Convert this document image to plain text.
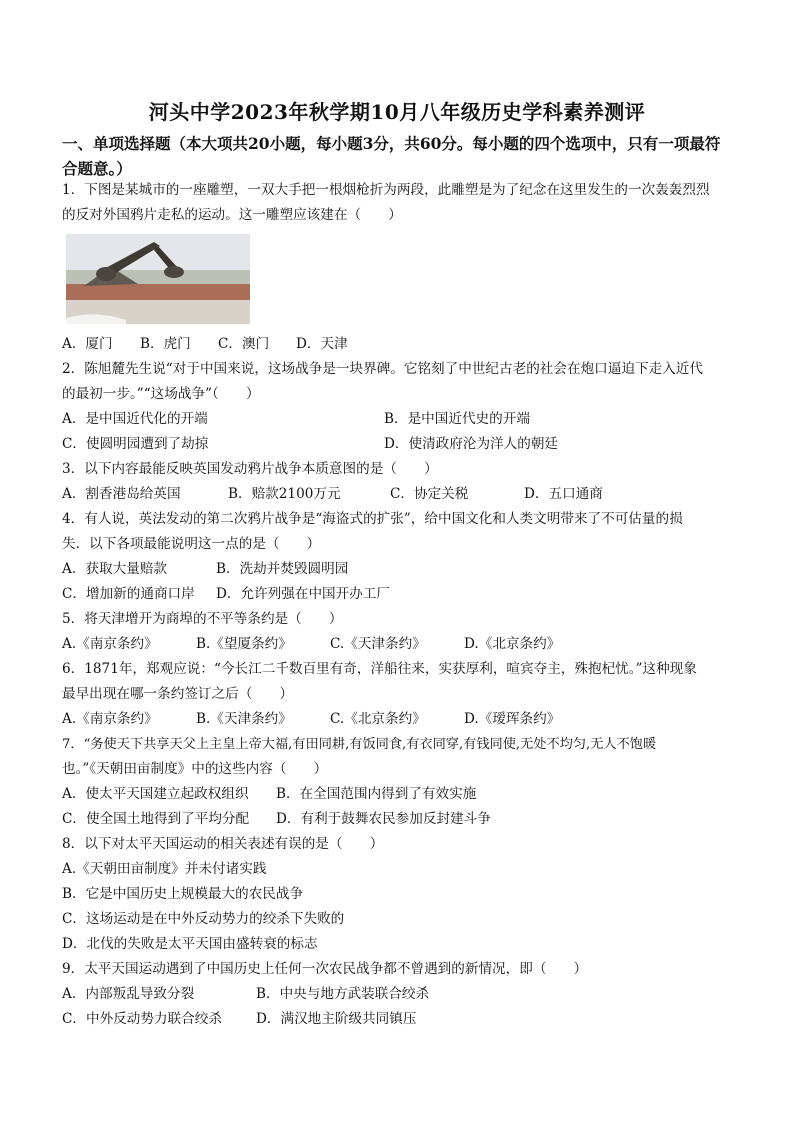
河头中学2023年秋学期10月八年级历史学科素养测评
一、单项选择题（本大项共20小题，每小题3分，共60分。每小题的四个选项中，只有一项最符合题意。）
1．下图是某城市的一座雕塑，一双大手把一根烟枪折为两段，此雕塑是为了纪念在这里发生的一次轰轰烈烈
的反对外国鸦片走私的运动。这一雕塑应该建在（　　）
A．厦门	B．虎门	C．澳门	D．天津
2．陈旭麓先生说“对于中国来说，这场战争是一块界碑。它铭刻了中世纪古老的社会在炮口逼迫下走入近代
的最初一步。”“这场战争”（　　）
A．是中国近代化的开端	B．是中国近代史的开端
C．使圆明园遭到了劫掠	D．使清政府沦为洋人的朝廷
3．以下内容最能反映英国发动鸦片战争本质意图的是（　　）
A．割香港岛给英国	B．赔款2100万元	C．协定关税	D．五口通商
4．有人说，英法发动的第二次鸦片战争是“海盗式的扩张”，给中国文化和人类文明带来了不可估量的损
失．以下各项最能说明这一点的是（　　）
A．获取大量赔款	B．洗劫并焚毁圆明园
C．增加新的通商口岸	D．允许列强在中国开办工厂
5．将天津增开为商埠的不平等条约是（　　）
A.《南京条约》	B.《望厦条约》	C.《天津条约》	D.《北京条约》
6．1871年，郑观应说：“今长江二千数百里有奇，洋船往来，实获厚利，喧宾夺主，殊抱杞忧。”这种现象
最早出现在哪一条约签订之后（　　）
A.《南京条约》	B.《天津条约》	C.《北京条约》	D.《瑷珲条约》
7．“务使天下共享天父上主皇上帝大福,有田同耕,有饭同食,有衣同穿,有钱同使,无处不均匀,无人不饱暖
也。”《天朝田亩制度》中的这些内容（　　）
A．使太平天国建立起政权组织	B．在全国范围内得到了有效实施
C．使全国土地得到了平均分配	D．有利于鼓舞农民参加反封建斗争
8．以下对太平天国运动的相关表述有误的是（　　）
A.《天朝田亩制度》并未付诸实践
B．它是中国历史上规模最大的农民战争
C．这场运动是在中外反动势力的绞杀下失败的
D．北伐的失败是太平天国由盛转衰的标志
9．太平天国运动遇到了中国历史上任何一次农民战争都不曾遇到的新情况，即（　　）
A．内部叛乱导致分裂	B．中央与地方武装联合绞杀
C．中外反动势力联合绞杀	D．满汉地主阶级共同镇压
